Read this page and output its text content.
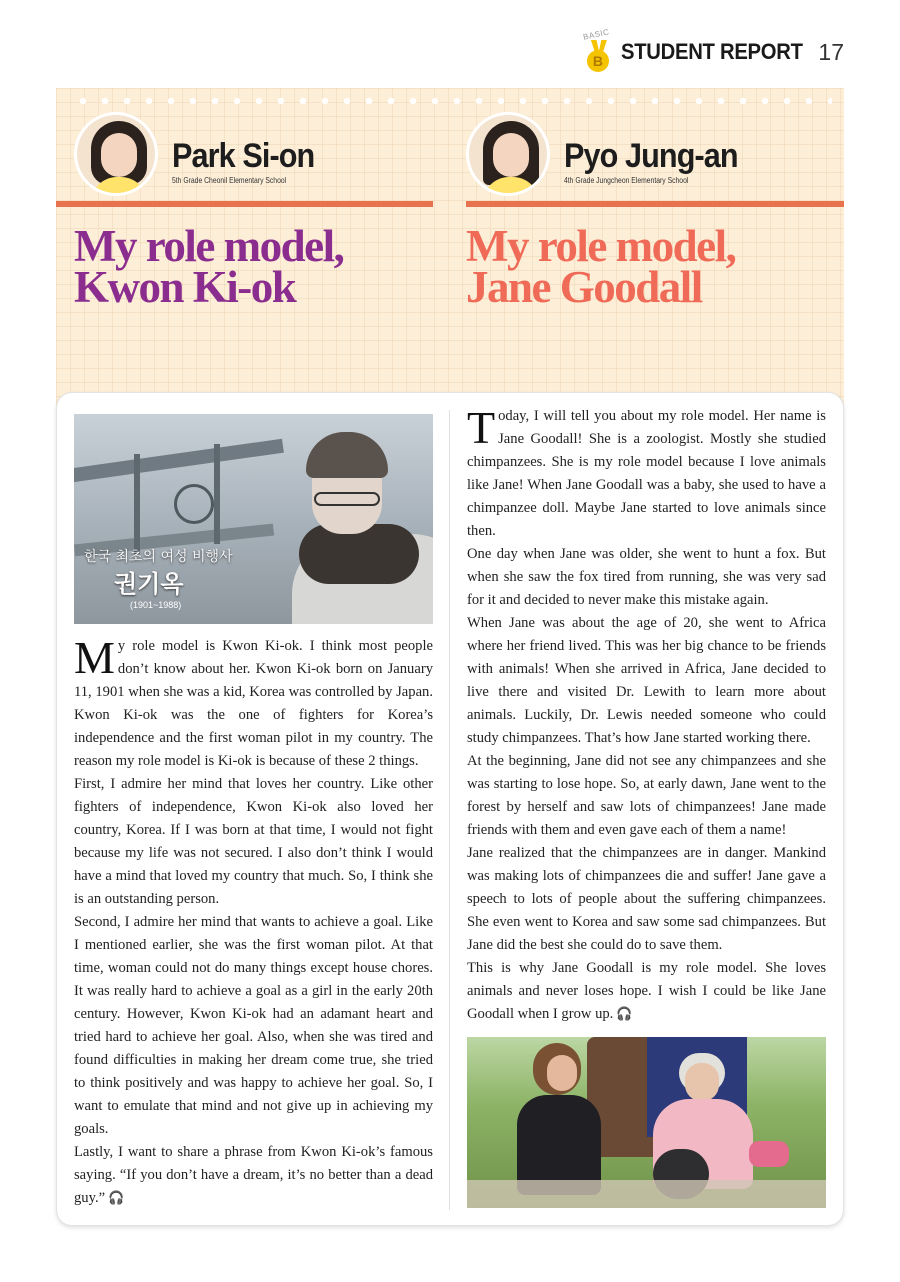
BASIC
B STUDENT REPORT 17
Park Si-on
5th Grade Cheonil Elementary School
My role model,
Kwon Ki-ok
Pyo Jung-an
4th Grade Jungcheon Elementary School
My role model,
Jane Goodall
한국 최초의 여성 비행사
권기옥
(1901~1988)

My role model is Kwon Ki-ok. I think most people don’t know about her. Kwon Ki-ok born on January 11, 1901 when she was a kid, Korea was controlled by Japan. Kwon Ki-ok was the one of fighters for Korea’s independence and the first woman pilot in my country. The reason my role model is Ki-ok is because of these 2 things.

First, I admire her mind that loves her country. Like other fighters of independence, Kwon Ki-ok also loved her country, Korea. If I was born at that time, I would not fight because my life was not secured. I also don’t think I would have a mind that loved my country that much. So, I think she is an outstanding person.

Second, I admire her mind that wants to achieve a goal. Like I mentioned earlier, she was the first woman pilot. At that time, woman could not do many things except house chores. It was really hard to achieve a goal as a girl in the early 20th century. However, Kwon Ki-ok had an adamant heart and tried hard to achieve her goal. Also, when she was tired and found difficulties in making her dream come true, she tried to think positively and was happy to achieve her goal. So, I want to emulate that mind and not give up in achieving my goals.

Lastly, I want to share a phrase from Kwon Ki-ok’s famous saying. “If you don’t have a dream, it’s no better than a dead guy.” 🎧

Today, I will tell you about my role model. Her name is Jane Goodall! She is a zoologist. Mostly she studied chimpanzees. She is my role model because I love animals like Jane! When Jane Goodall was a baby, she used to have a chimpanzee doll. Maybe Jane started to love animals since then.

One day when Jane was older, she went to hunt a fox. But when she saw the fox tired from running, she was very sad for it and decided to never make this mistake again.

When Jane was about the age of 20, she went to Africa where her friend lived. This was her big chance to be friends with animals! When she arrived in Africa, Jane decided to live there and visited Dr. Lewith to learn more about animals. Luckily, Dr. Lewis needed someone who could study chimpanzees. That’s how Jane started working there.

At the beginning, Jane did not see any chimpanzees and she was starting to lose hope. So, at early dawn, Jane went to the forest by herself and saw lots of chimpanzees! Jane made friends with them and even gave each of them a name!

Jane realized that the chimpanzees are in danger. Mankind was making lots of chimpanzees die and suffer! Jane gave a speech to lots of people about the suffering chimpanzees. She even went to Korea and saw some sad chimpanzees. But Jane did the best she could do to save them.

This is why Jane Goodall is my role model. She loves animals and never loses hope. I wish I could be like Jane Goodall when I grow up. 🎧
